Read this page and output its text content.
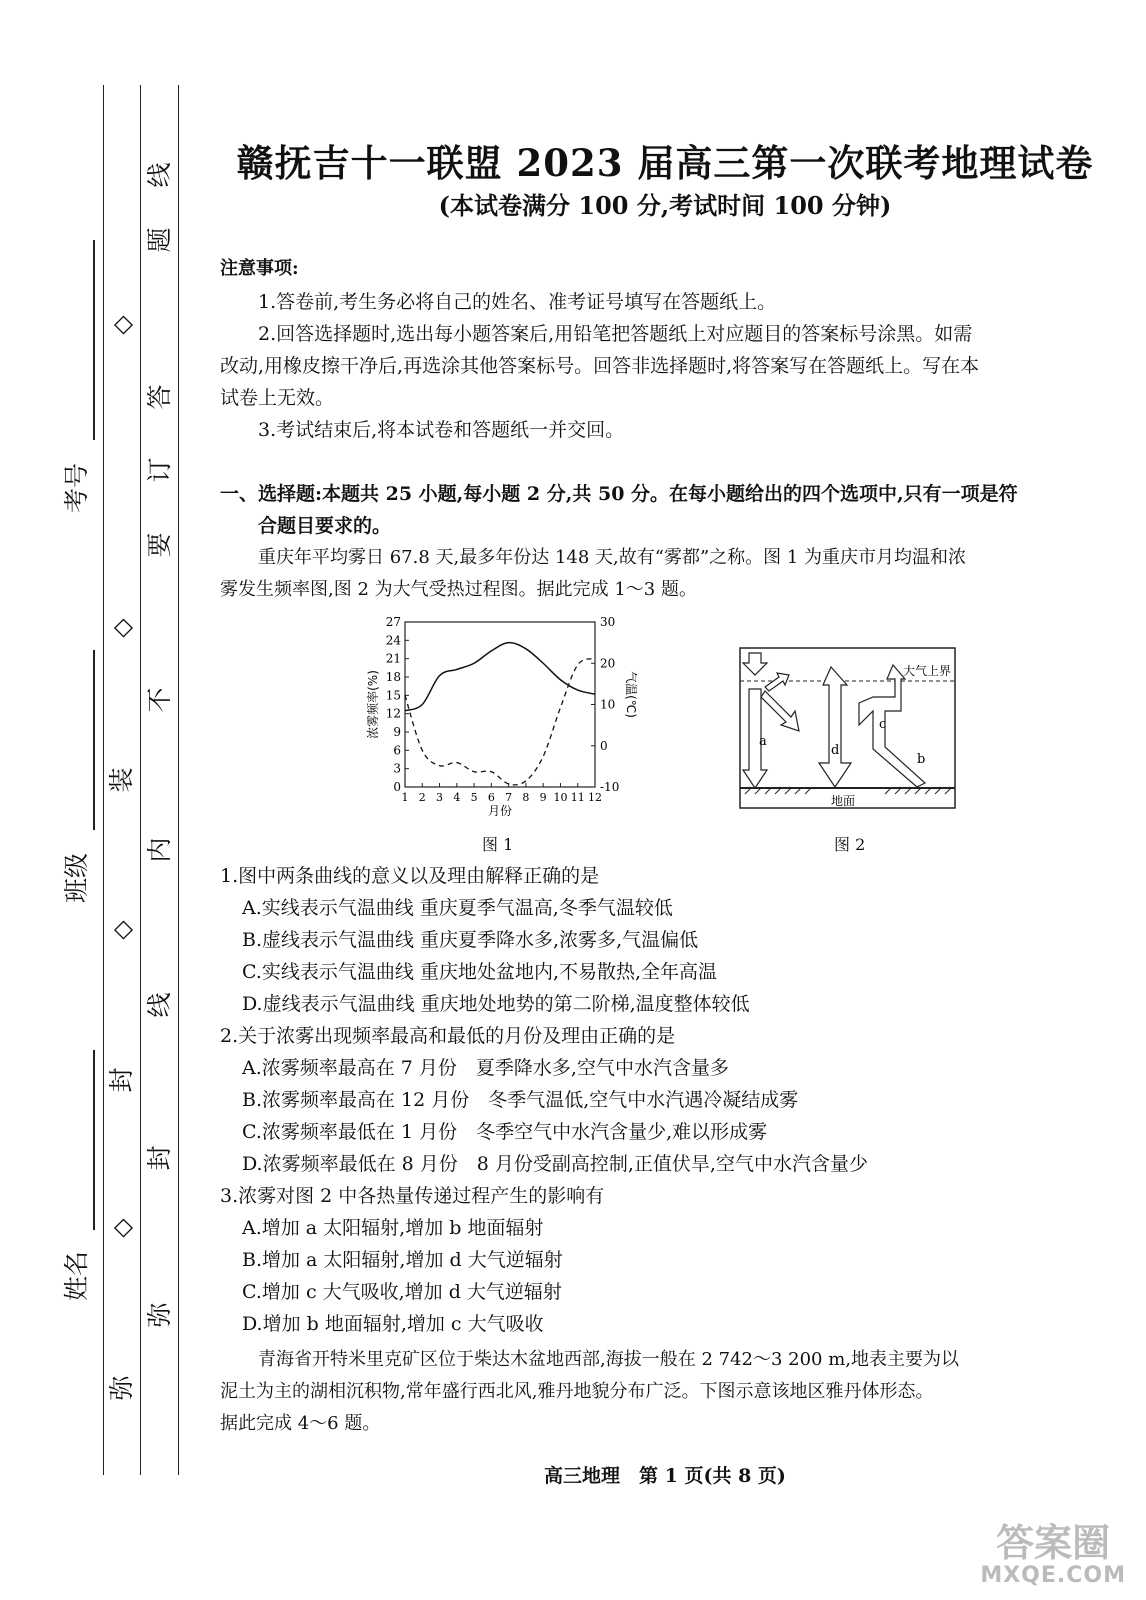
考号
班级
姓名
◇
◇
装
◇
封
◇
弥
线
题
答
订
要
不
内
线
封
弥
赣抚吉十一联盟 2023 届高三第一次联考地理试卷
(本试卷满分 100 分,考试时间 100 分钟)
注意事项:
1.答卷前,考生务必将自己的姓名、准考证号填写在答题纸上。
2.回答选择题时,选出每小题答案后,用铅笔把答题纸上对应题目的答案标号涂黑。如需
改动,用橡皮擦干净后,再选涂其他答案标号。回答非选择题时,将答案写在答题纸上。写在本
试卷上无效。
3.考试结束后,将本试卷和答题纸一并交回。
一、选择题:本题共 25 小题,每小题 2 分,共 50 分。在每小题给出的四个选项中,只有一项是符
合题目要求的。
重庆年平均雾日 67.8 天,最多年份达 148 天,故有“雾都”之称。图 1 为重庆市月均温和浓
雾发生频率图,图 2 为大气受热过程图。据此完成 1～3 题。
0
3
6
9
12
15
18
21
24
27
-10
0
10
20
30
1 2 3 4 5 6 7 8 9 10 11 12
月份
浓雾频率(%)	气温(℃)
图 1
a
d
c
b
大气上界
地面
图 2
1.图中两条曲线的意义以及理由解释正确的是
A.实线表示气温曲线 重庆夏季气温高,冬季气温较低
B.虚线表示气温曲线 重庆夏季降水多,浓雾多,气温偏低
C.实线表示气温曲线 重庆地处盆地内,不易散热,全年高温
D.虚线表示气温曲线 重庆地处地势的第二阶梯,温度整体较低
2.关于浓雾出现频率最高和最低的月份及理由正确的是
A.浓雾频率最高在 7 月份　夏季降水多,空气中水汽含量多
B.浓雾频率最高在 12 月份　冬季气温低,空气中水汽遇冷凝结成雾
C.浓雾频率最低在 1 月份　冬季空气中水汽含量少,难以形成雾
D.浓雾频率最低在 8 月份　8 月份受副高控制,正值伏旱,空气中水汽含量少
3.浓雾对图 2 中各热量传递过程产生的影响有
A.增加 a 太阳辐射,增加 b 地面辐射
B.增加 a 太阳辐射,增加 d 大气逆辐射
C.增加 c 大气吸收,增加 d 大气逆辐射
D.增加 b 地面辐射,增加 c 大气吸收
青海省开特米里克矿区位于柴达木盆地西部,海拔一般在 2 742～3 200 m,地表主要为以
泥土为主的湖相沉积物,常年盛行西北风,雅丹地貌分布广泛。下图示意该地区雅丹体形态。
据此完成 4～6 题。
高三地理　第 1 页(共 8 页)
答案圈
MXQE.COM
